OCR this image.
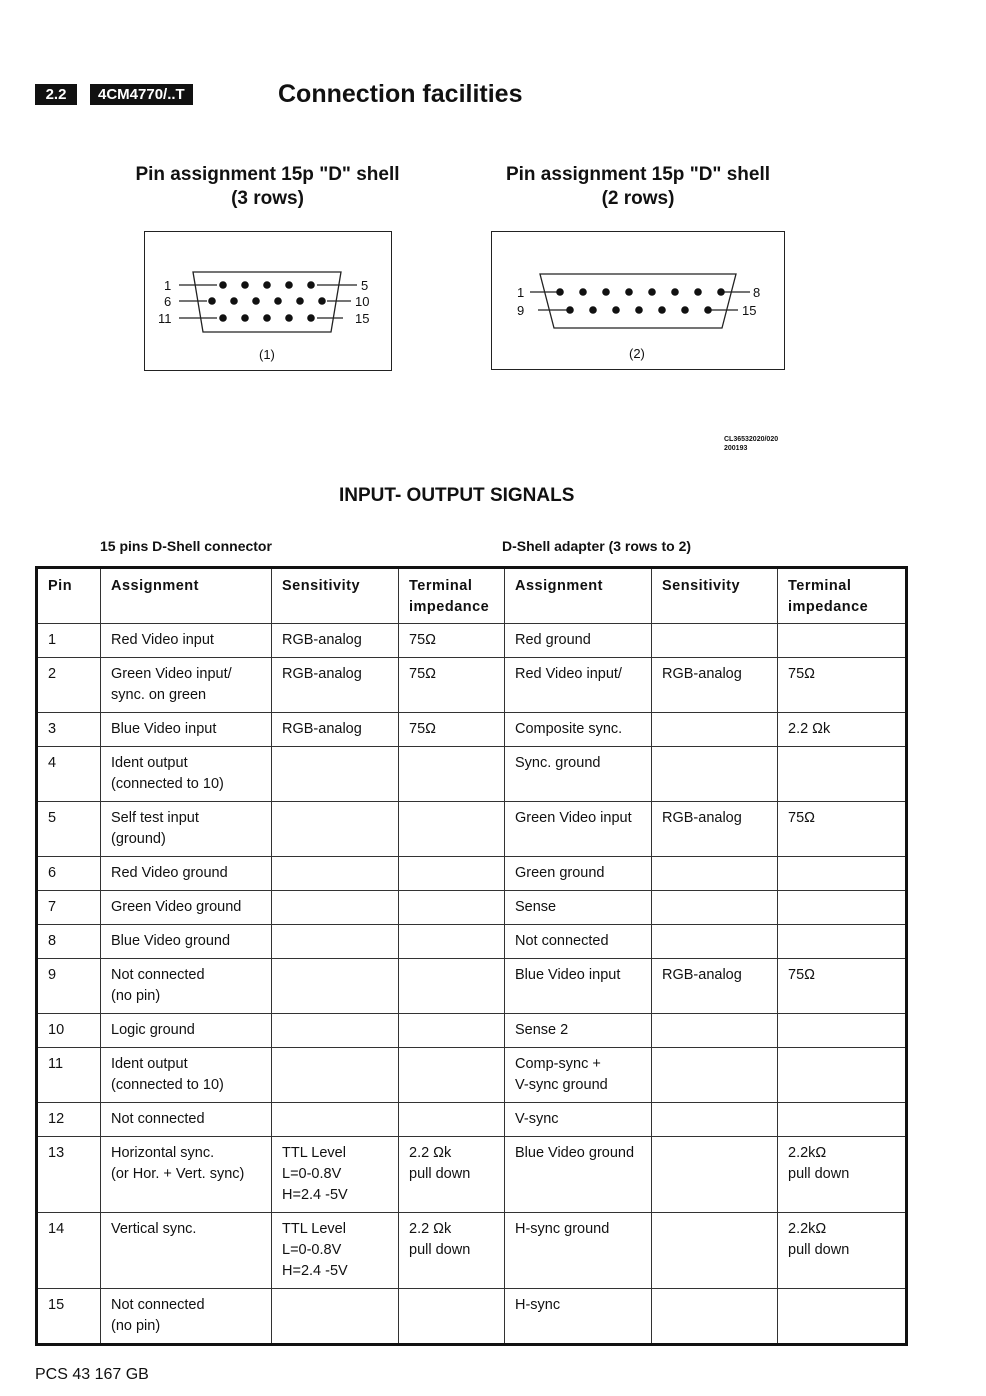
2.2	4CM4770/..T	Connection facilities
Pin assignment 15p "D" shell
(3 rows)
Pin assignment 15p "D" shell
(2 rows)
1
6
11
5
10
15
(1)
1
9
8
15
(2)
CL36532020/020
200193
INPUT- OUTPUT SIGNALS
15 pins D-Shell connector	D-Shell adapter (3 rows to 2)
Pin	Assignment	Sensitivity	Terminal
impedance	Assignment	Sensitivity	Terminal
impedance
1	Red Video input	RGB-analog	75Ω	Red ground		
2	Green Video input/
sync. on green	RGB-analog	75Ω	Red Video input/	RGB-analog	75Ω
3	Blue Video input	RGB-analog	75Ω	Composite sync.		2.2 Ωk
4	Ident output
(connected to 10)			Sync. ground		
5	Self test input
(ground)			Green Video input	RGB-analog	75Ω
6	Red Video ground			Green ground		
7	Green Video ground			Sense		
8	Blue Video ground			Not connected		
9	Not connected
(no pin)			Blue Video input	RGB-analog	75Ω
10	Logic ground			Sense 2		
11	Ident output
(connected to 10)			Comp-sync +
V-sync ground		
12	Not connected			V-sync		
13	Horizontal sync.
(or Hor. + Vert. sync)	TTL Level
L=0-0.8V
H=2.4 -5V	2.2 Ωk
pull down	Blue Video ground		2.2kΩ
pull down
14	Vertical sync.	TTL Level
L=0-0.8V
H=2.4 -5V	2.2 Ωk
pull down	H-sync ground		2.2kΩ
pull down
15	Not connected
(no pin)			H-sync		
PCS 43 167 GB
